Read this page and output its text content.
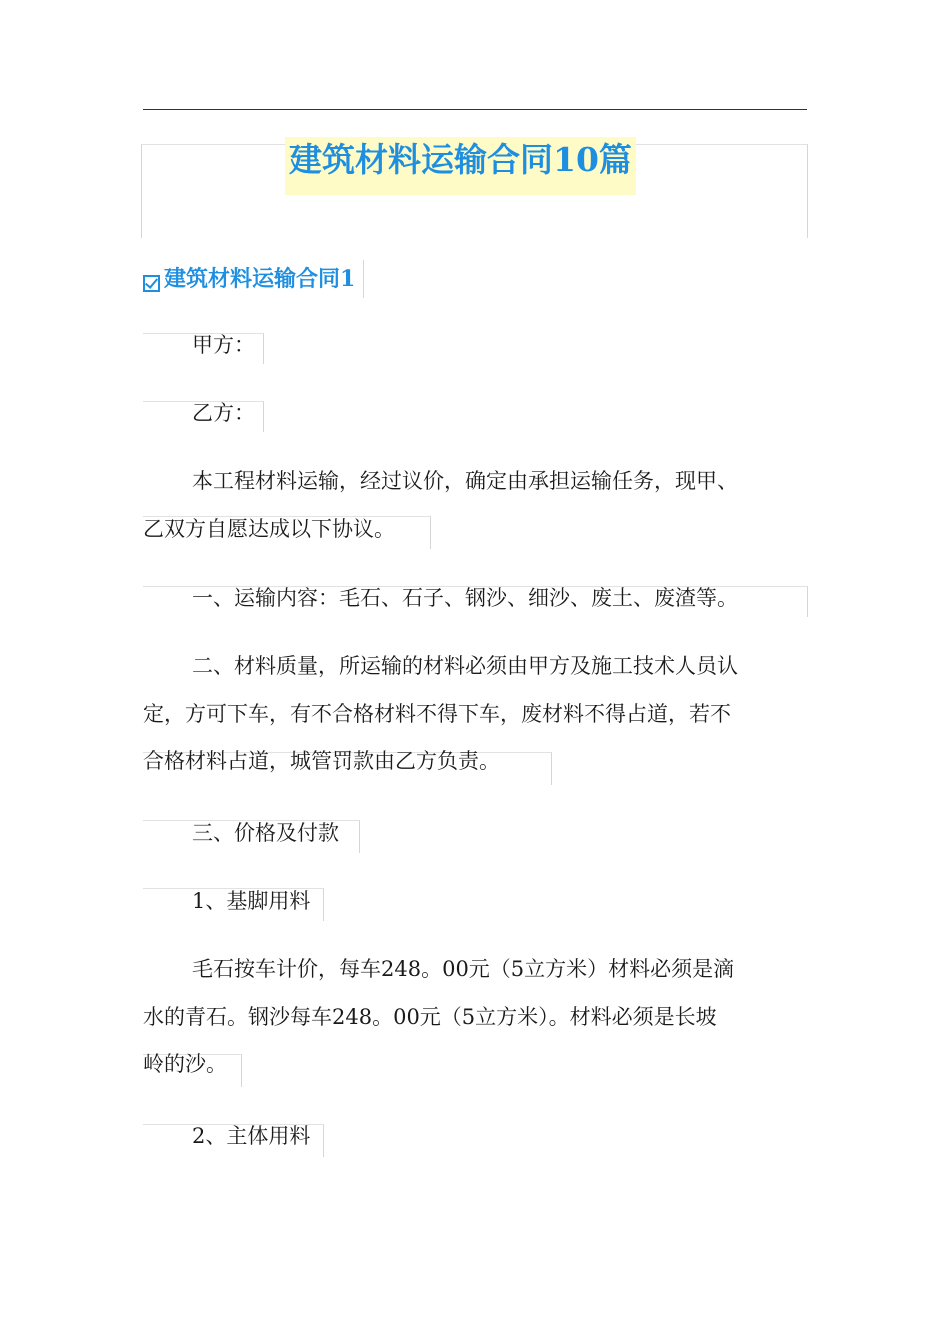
建筑材料运输合同10篇
建筑材料运输合同1
甲方：
乙方：
本工程材料运输，经过议价，确定由承担运输任务，现甲、
乙双方自愿达成以下协议。
一、运输内容：毛石、石子、钢沙、细沙、废土、废渣等。
二、材料质量，所运输的材料必须由甲方及施工技术人员认
定，方可下车，有不合格材料不得下车，废材料不得占道，若不
合格材料占道，城管罚款由乙方负责。
三、价格及付款
1、基脚用料
毛石按车计价，每车248。00元（5立方米）材料必须是滴
水的青石。钢沙每车248。00元（5立方米）。材料必须是长坡
岭的沙。
2、主体用料
